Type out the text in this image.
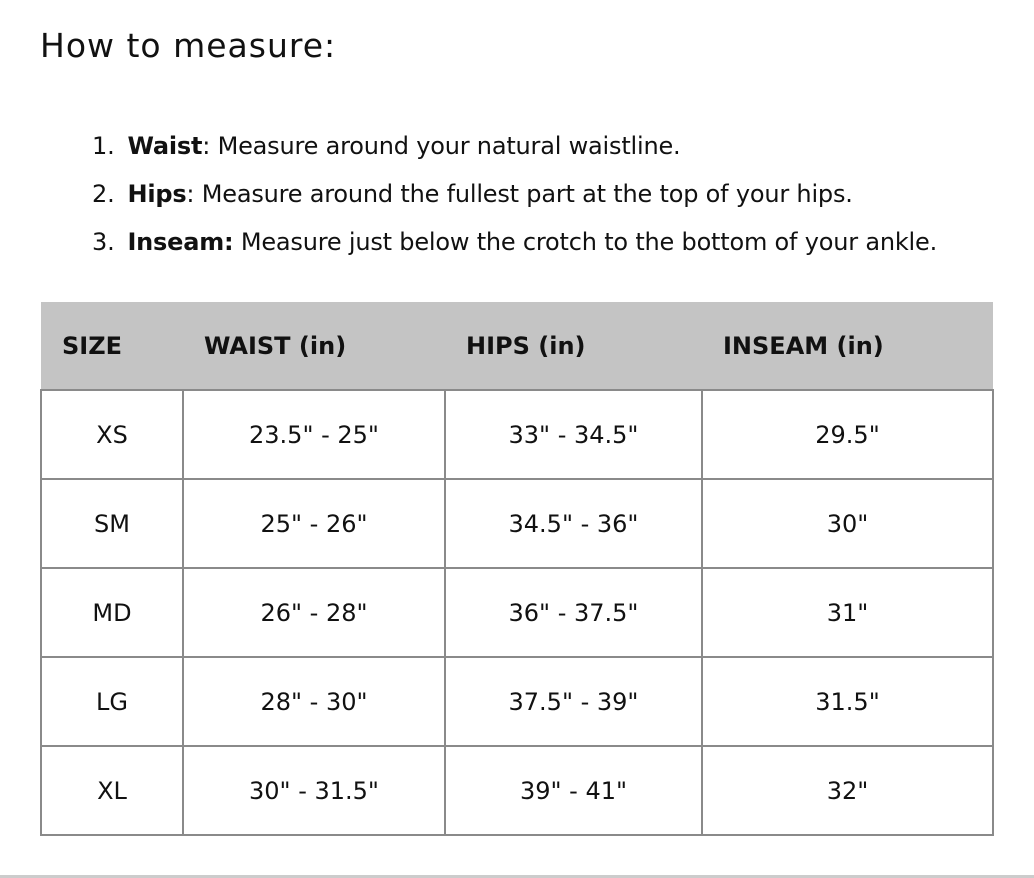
How to measure:
1. Waist: Measure around your natural waistline.
2. Hips: Measure around the fullest part at the top of your hips.
3. Inseam: Measure just below the crotch to the bottom of your ankle.
SIZE	WAIST (in)	HIPS (in)	INSEAM (in)
XS	23.5" - 25"	33" - 34.5"	29.5"
SM	25" - 26"	34.5" - 36"	30"
MD	26" - 28"	36" - 37.5"	31"
LG	28" - 30"	37.5" - 39"	31.5"
XL	30" - 31.5"	39" - 41"	32"
